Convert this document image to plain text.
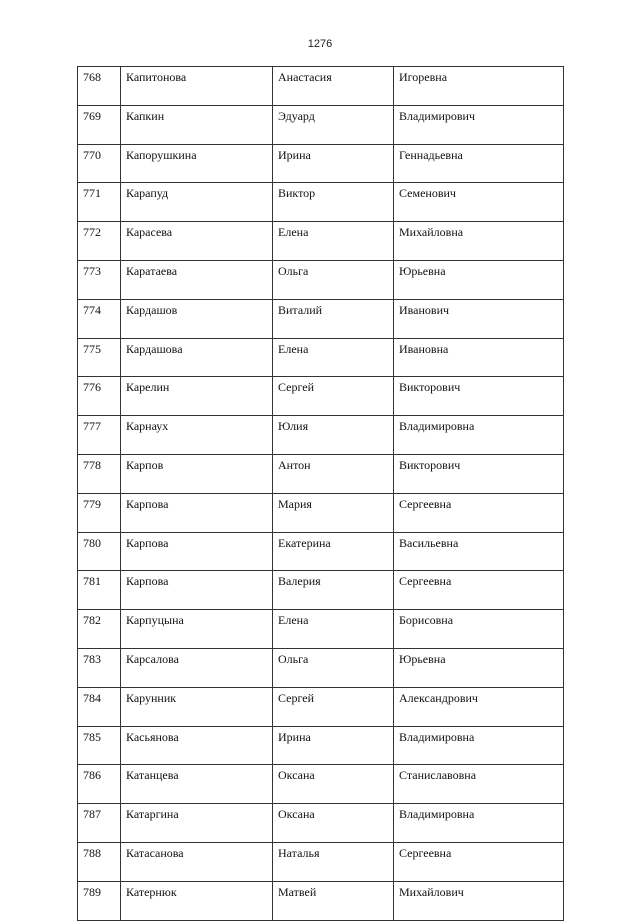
1276
768	Капитонова	Анастасия	Игоревна
769	Капкин	Эдуард	Владимирович
770	Капорушкина	Ирина	Геннадьевна
771	Карапуд	Виктор	Семенович
772	Карасева	Елена	Михайловна
773	Каратаева	Ольга	Юрьевна
774	Кардашов	Виталий	Иванович
775	Кардашова	Елена	Ивановна
776	Карелин	Сергей	Викторович
777	Карнаух	Юлия	Владимировна
778	Карпов	Антон	Викторович
779	Карпова	Мария	Сергеевна
780	Карпова	Екатерина	Васильевна
781	Карпова	Валерия	Сергеевна
782	Карпуцына	Елена	Борисовна
783	Карсалова	Ольга	Юрьевна
784	Карунник	Сергей	Александрович
785	Касьянова	Ирина	Владимировна
786	Катанцева	Оксана	Станиславовна
787	Катаргина	Оксана	Владимировна
788	Катасанова	Наталья	Сергеевна
789	Катернюк	Матвей	Михайлович
